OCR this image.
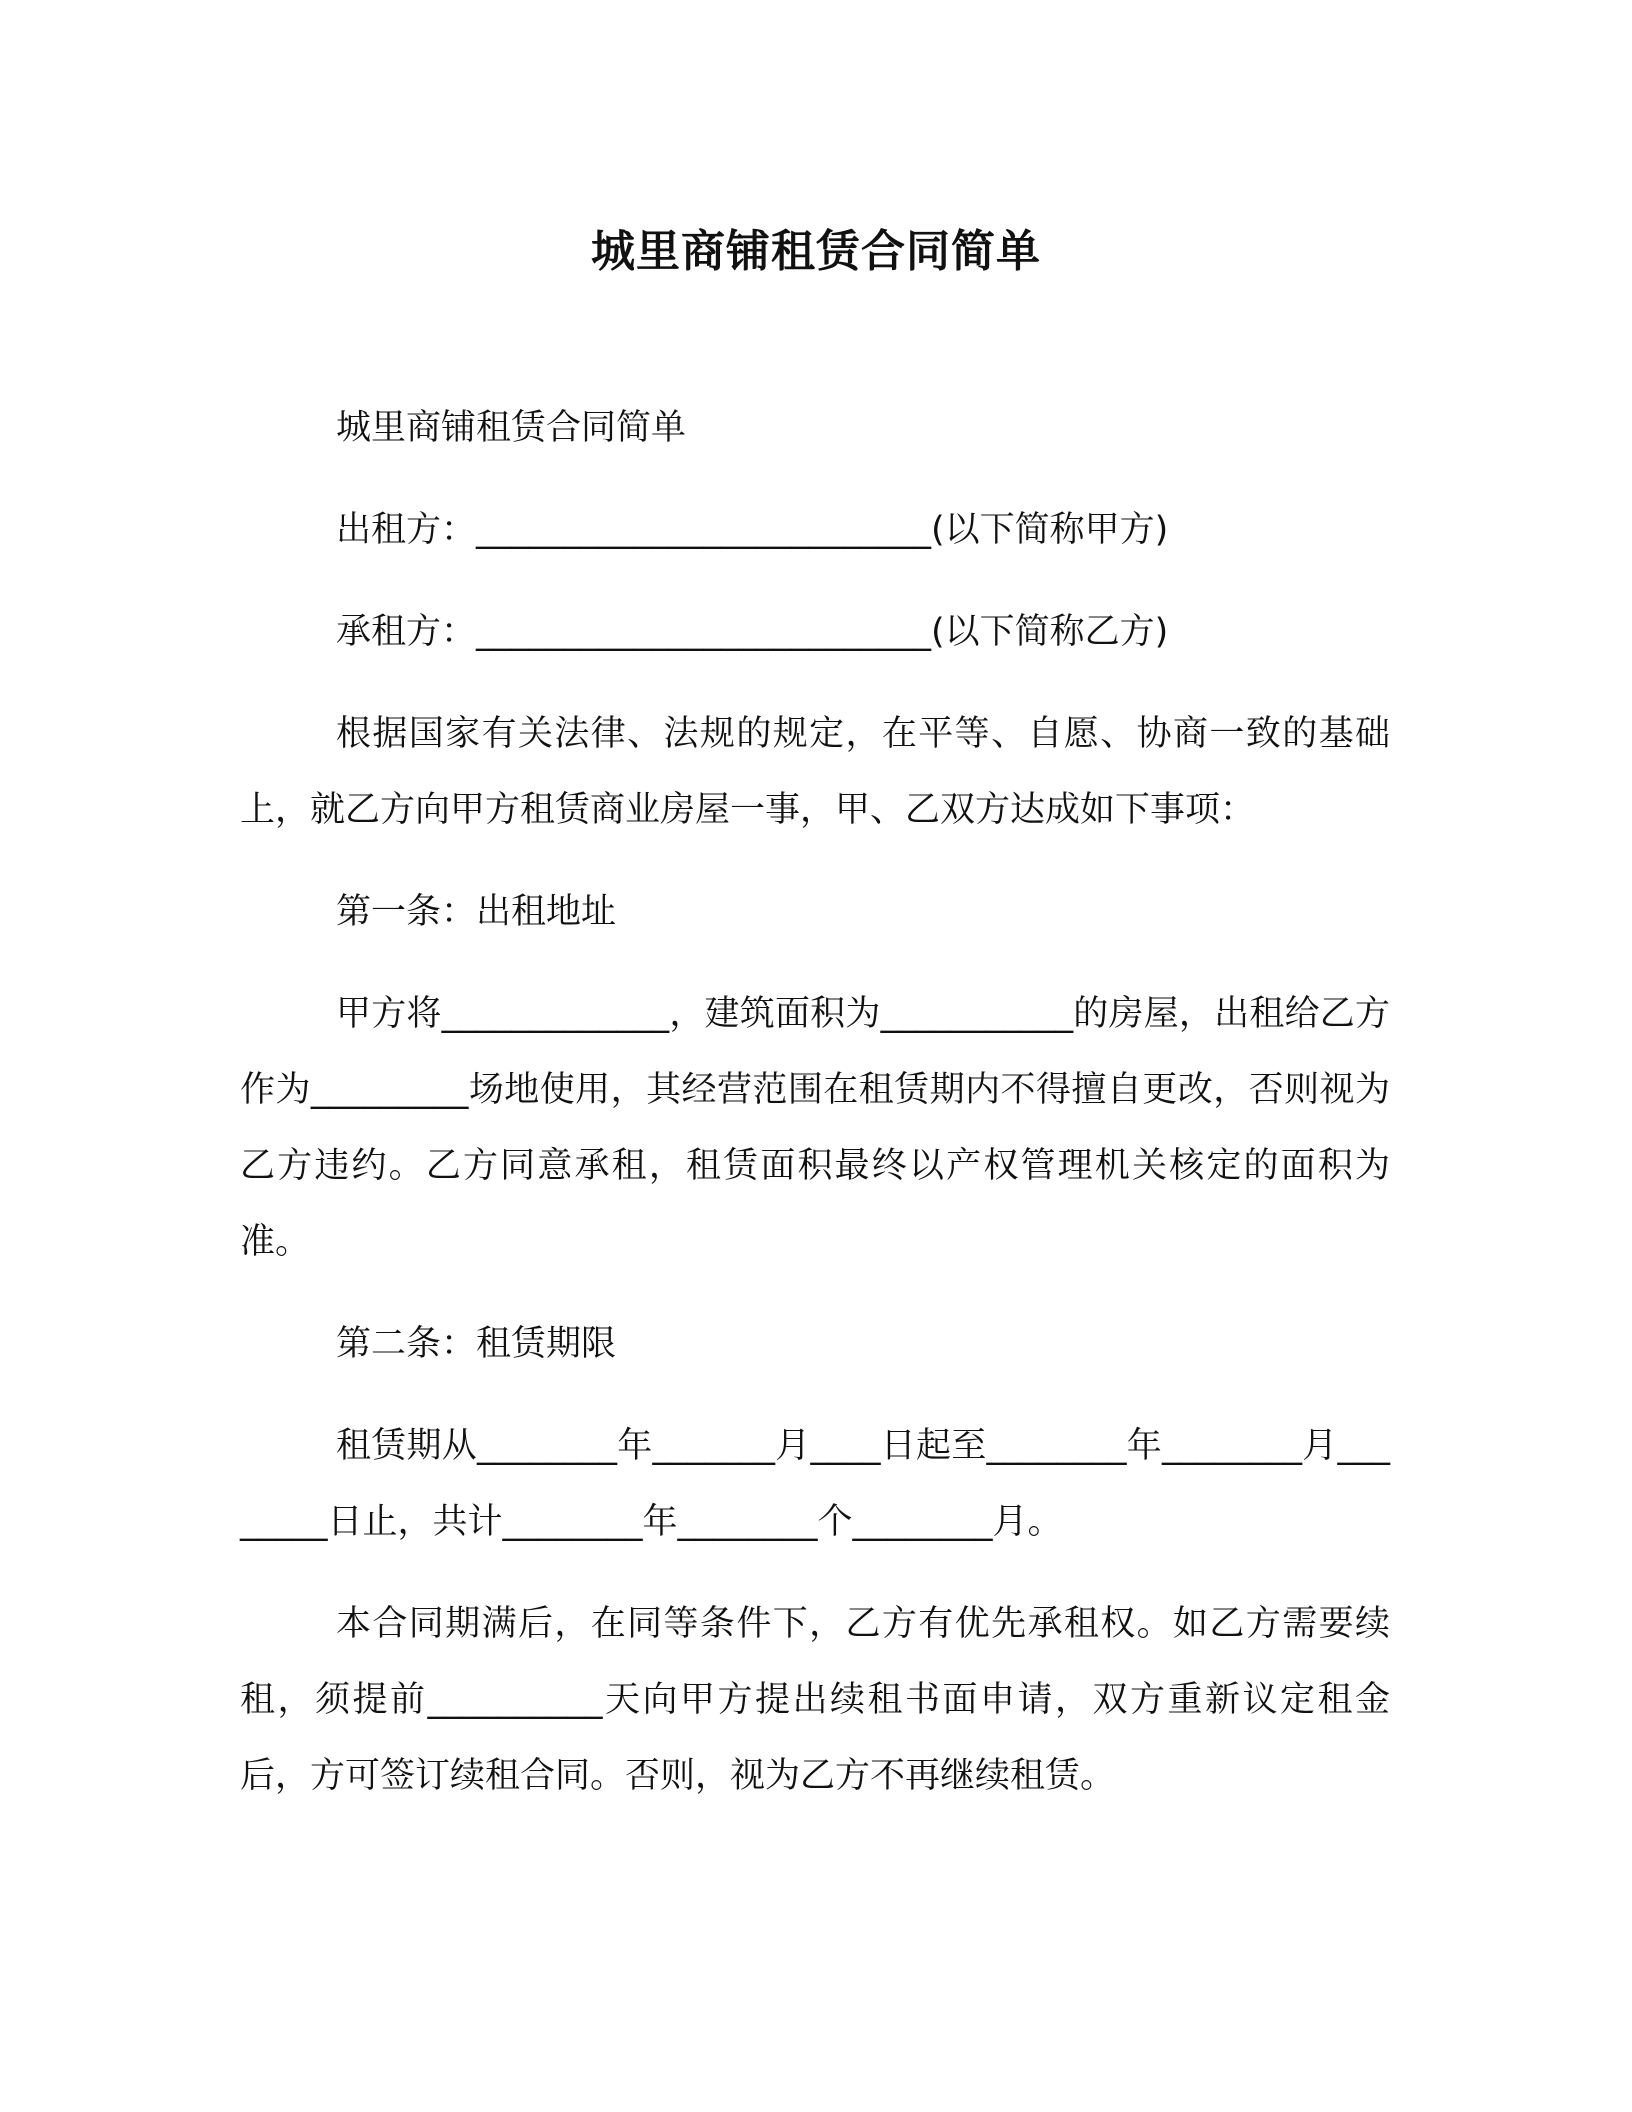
城里商铺租赁合同简单

城里商铺租赁合同简单

出租方：__________________________(以下简称甲方)

承租方：__________________________(以下简称乙方)

根据国家有关法律、法规的规定，在平等、自愿、协商一致的基础上，就乙方向甲方租赁商业房屋一事，甲、乙双方达成如下事项：

第一条：出租地址

甲方将_____________，建筑面积为___________的房屋，出租给乙方作为_________场地使用，其经营范围在租赁期内不得擅自更改，否则视为乙方违约。乙方同意承租，租赁面积最终以产权管理机关核定的面积为准。

第二条：租赁期限

租赁期从________年_______月____日起至________年________月________日止，共计________年________个________月。

本合同期满后，在同等条件下，乙方有优先承租权。如乙方需要续租，须提前__________天向甲方提出续租书面申请，双方重新议定租金后，方可签订续租合同。否则，视为乙方不再继续租赁。
